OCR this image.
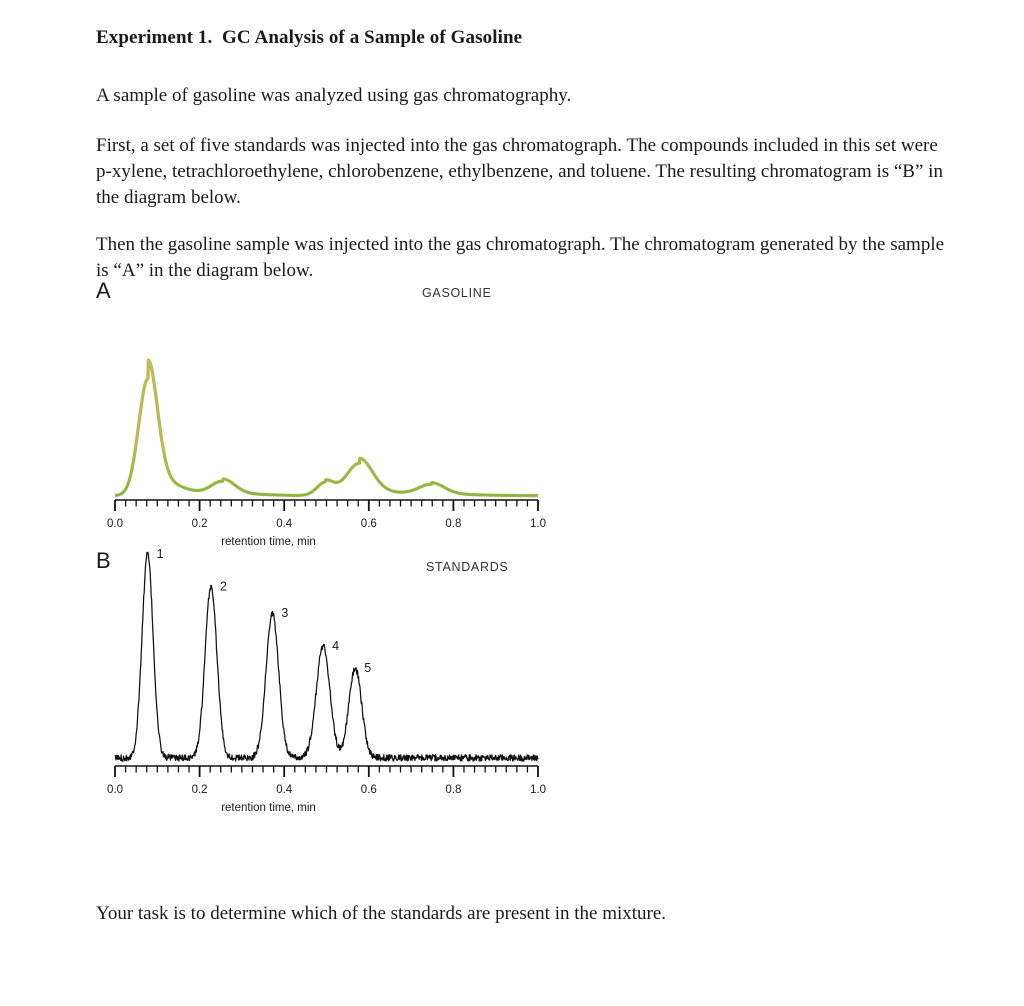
Experiment 1.  GC Analysis of a Sample of Gasoline

A sample of gasoline was analyzed using gas chromatography.

First, a set of five standards was injected into the gas chromatograph. The compounds included in this set were p-xylene, tetrachloroethylene, chlorobenzene, ethylbenzene, and toluene. The resulting chromatogram is “B” in the diagram below.

Then the gasoline sample was injected into the gas chromatograph. The chromatogram generated by the sample is “A” in the diagram below.

A	GASOLINE
0.0	0.2	0.4	0.6	0.8	1.0
retention time, min
B	STANDARDS
1
2
3
4
5
0.0	0.2	0.4	0.6	0.8	1.0
retention time, min

Your task is to determine which of the standards are present in the mixture.
